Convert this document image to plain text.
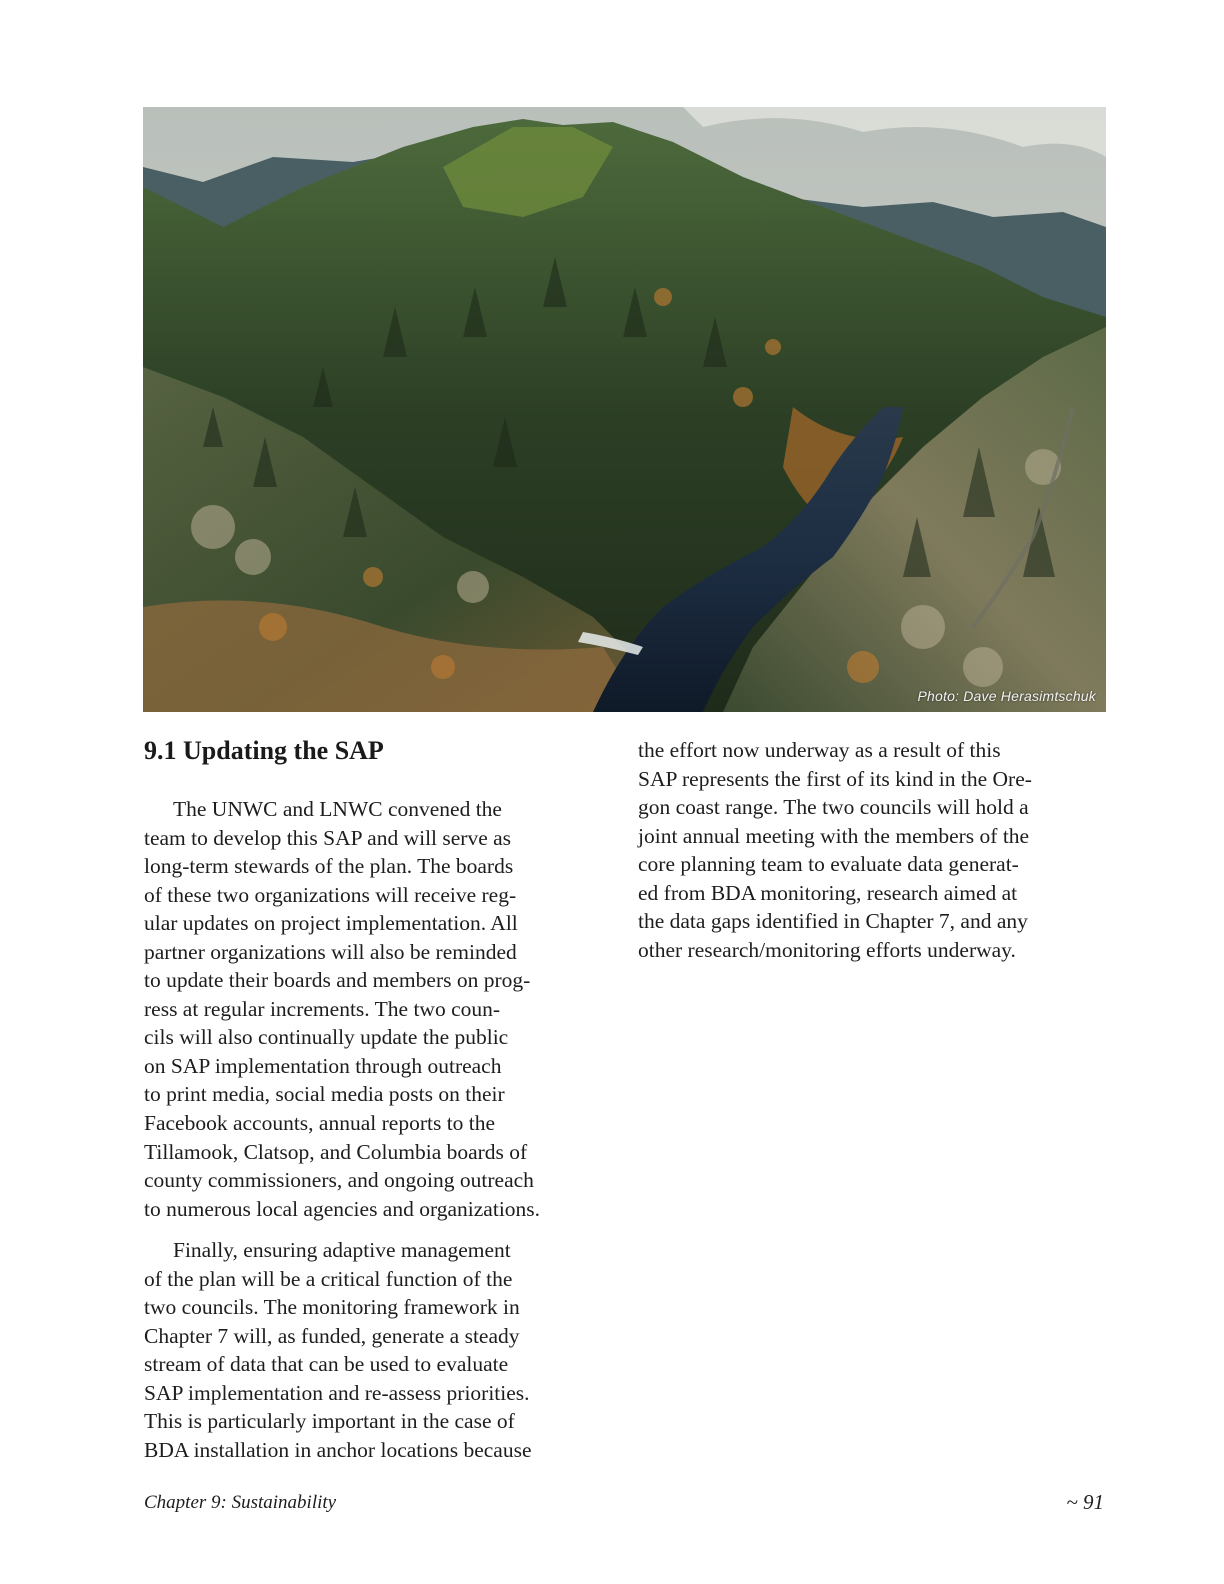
Photo: Dave Herasimtschuk
9.1 Updating the SAP

The UNWC and LNWC convened the
team to develop this SAP and will serve as
long-term stewards of the plan. The boards
of these two organizations will receive reg-
ular updates on project implementation. All
partner organizations will also be reminded
to update their boards and members on prog-
ress at regular increments. The two coun-
cils will also continually update the public
on SAP implementation through outreach
to print media, social media posts on their
Facebook accounts, annual reports to the
Tillamook, Clatsop, and Columbia boards of
county commissioners, and ongoing outreach
to numerous local agencies and organizations.

Finally, ensuring adaptive management
of the plan will be a critical function of the
two councils. The monitoring framework in
Chapter 7 will, as funded, generate a steady
stream of data that can be used to evaluate
SAP implementation and re-assess priorities.
This is particularly important in the case of
BDA installation in anchor locations because

the effort now underway as a result of this
SAP represents the first of its kind in the Ore-
gon coast range. The two councils will hold a
joint annual meeting with the members of the
core planning team to evaluate data generat-
ed from BDA monitoring, research aimed at
the data gaps identified in Chapter 7, and any
other research/monitoring efforts underway.

Chapter 9: Sustainability	~ 91
